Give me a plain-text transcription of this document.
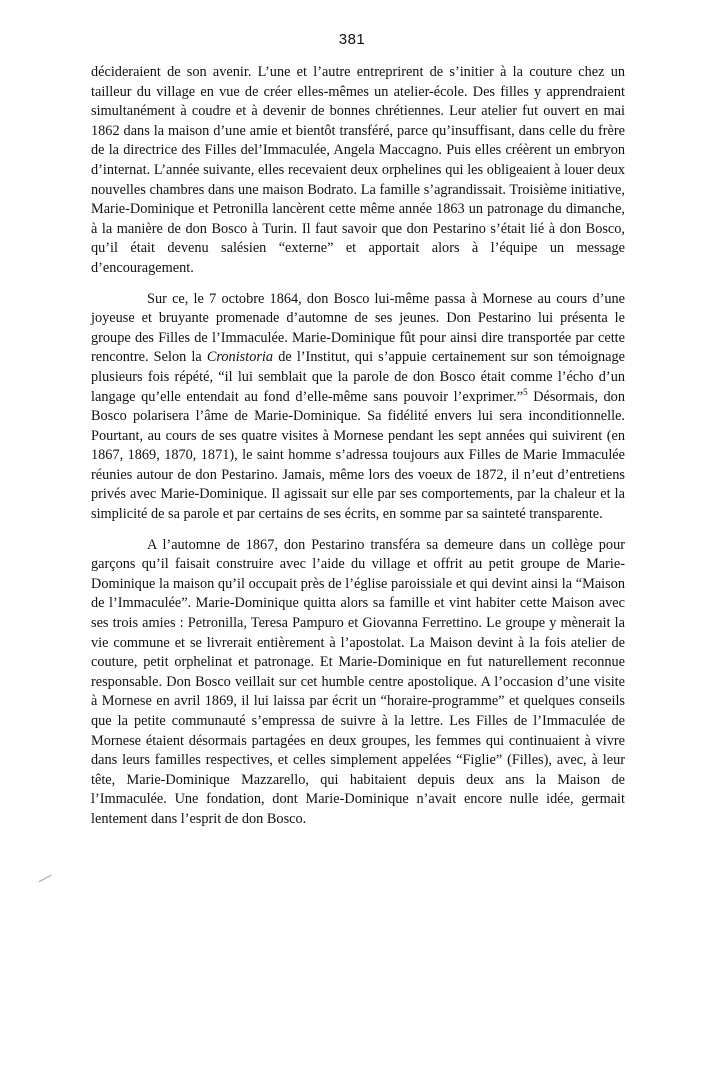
381

décideraient de son avenir. L’une et l’autre entreprirent de s’initier à la couture chez un tailleur du village en vue de créer elles-mêmes un atelier-école. Des filles y apprendraient simultanément à coudre et à devenir de bonnes chrétiennes. Leur atelier fut ouvert en mai 1862 dans la maison d’une amie et bientôt transféré, parce qu’insuffisant, dans celle du frère de la directrice des Filles del’Immaculée, Angela Maccagno. Puis elles créèrent un embryon d’internat. L’année suivante, elles recevaient deux orphelines qui les obligeaient à louer deux nouvelles chambres dans une maison Bodrato. La famille s’agrandissait. Troisième initiative, Marie-Dominique et Petronilla lancèrent cette même année 1863 un patronage du dimanche, à la manière de don Bosco à Turin. Il faut savoir que don Pestarino s’était lié à don Bosco, qu’il était devenu salésien “externe” et apportait alors à l’équipe un message d’encouragement.

Sur ce, le 7 octobre 1864, don Bosco lui-même passa à Mornese au cours d’une joyeuse et bruyante promenade d’automne de ses jeunes. Don Pestarino lui présenta le groupe des Filles de l’Immaculée. Marie-Dominique fût pour ainsi dire transportée par cette rencontre. Selon la Cronistoria de l’Institut, qui s’appuie certainement sur son témoignage plusieurs fois répété, “il lui semblait que la parole de don Bosco était comme l’écho d’un langage qu’elle entendait au fond d’elle-même sans pouvoir l’exprimer.”$^5$ Désormais, don Bosco polarisera l’âme de Marie-Dominique. Sa fidélité envers lui sera inconditionnelle. Pourtant, au cours de ses quatre visites à Mornese pendant les sept années qui suivirent (en 1867, 1869, 1870, 1871), le saint homme s’adressa toujours aux Filles de Marie Immaculée réunies autour de don Pestarino. Jamais, même lors des voeux de 1872, il n’eut d’entretiens privés avec Marie-Dominique. Il agissait sur elle par ses comportements, par la chaleur et la simplicité de sa parole et par certains de ses écrits, en somme par sa sainteté transparente.

A l’automne de 1867, don Pestarino transféra sa demeure dans un collège pour garçons qu’il faisait construire avec l’aide du village et offrit au petit groupe de Marie-Dominique la maison qu’il occupait près de l’église paroissiale et qui devint ainsi la “Maison de l’Immaculée”. Marie-Dominique quitta alors sa famille et vint habiter cette Maison avec ses trois amies : Petronilla, Teresa Pampuro et Giovanna Ferrettino. Le groupe y mènerait la vie commune et se livrerait entièrement à l’apostolat. La Maison devint à la fois atelier de couture, petit orphelinat et patronage. Et Marie-Dominique en fut naturellement reconnue responsable. Don Bosco veillait sur cet humble centre apostolique. A l’occasion d’une visite à Mornese en avril 1869, il lui laissa par écrit un “horaire-programme” et quelques conseils que la petite communauté s’empressa de suivre à la lettre. Les Filles de l’Immaculée de Mornese étaient désormais partagées en deux groupes, les femmes qui continuaient à vivre dans leurs familles respectives, et celles simplement appelées “Figlie” (Filles), avec, à leur tête, Marie-Dominique Mazzarello, qui habitaient depuis deux ans la Maison de l’Immaculée. Une fondation, dont Marie-Dominique n’avait encore nulle idée, germait lentement dans l’esprit de don Bosco.
